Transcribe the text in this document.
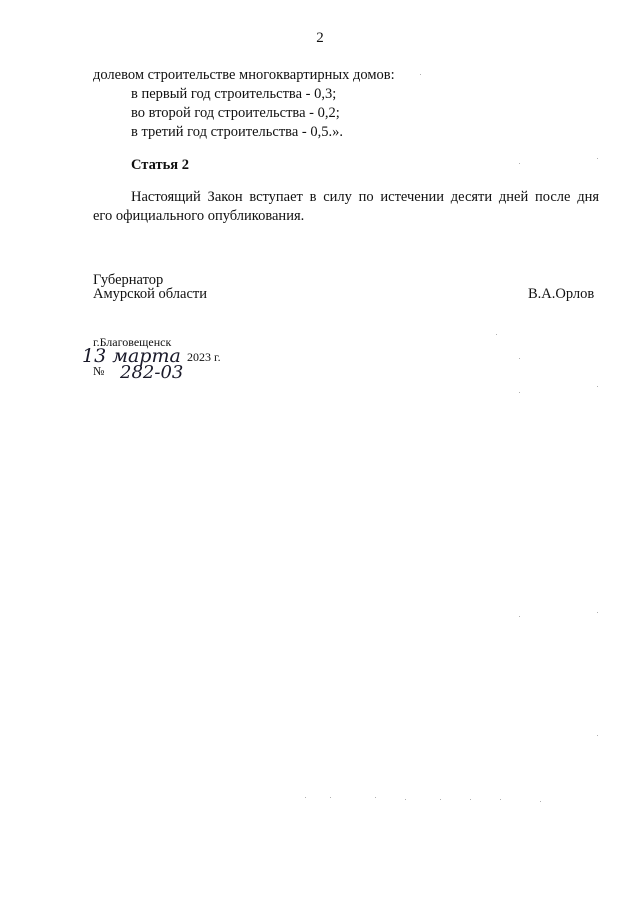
2
долевом строительстве многоквартирных домов:
в первый год строительства - 0,3;
во второй год строительства - 0,2;
в третий год строительства - 0,5.».
Статья 2
Настоящий Закон вступает в силу по истечении десяти дней после дня
его официального опубликования.
Губернатор
Амурской области	В.А.Орлов
г.Благовещенск
13 марта 2023 г.
№ 282-03
